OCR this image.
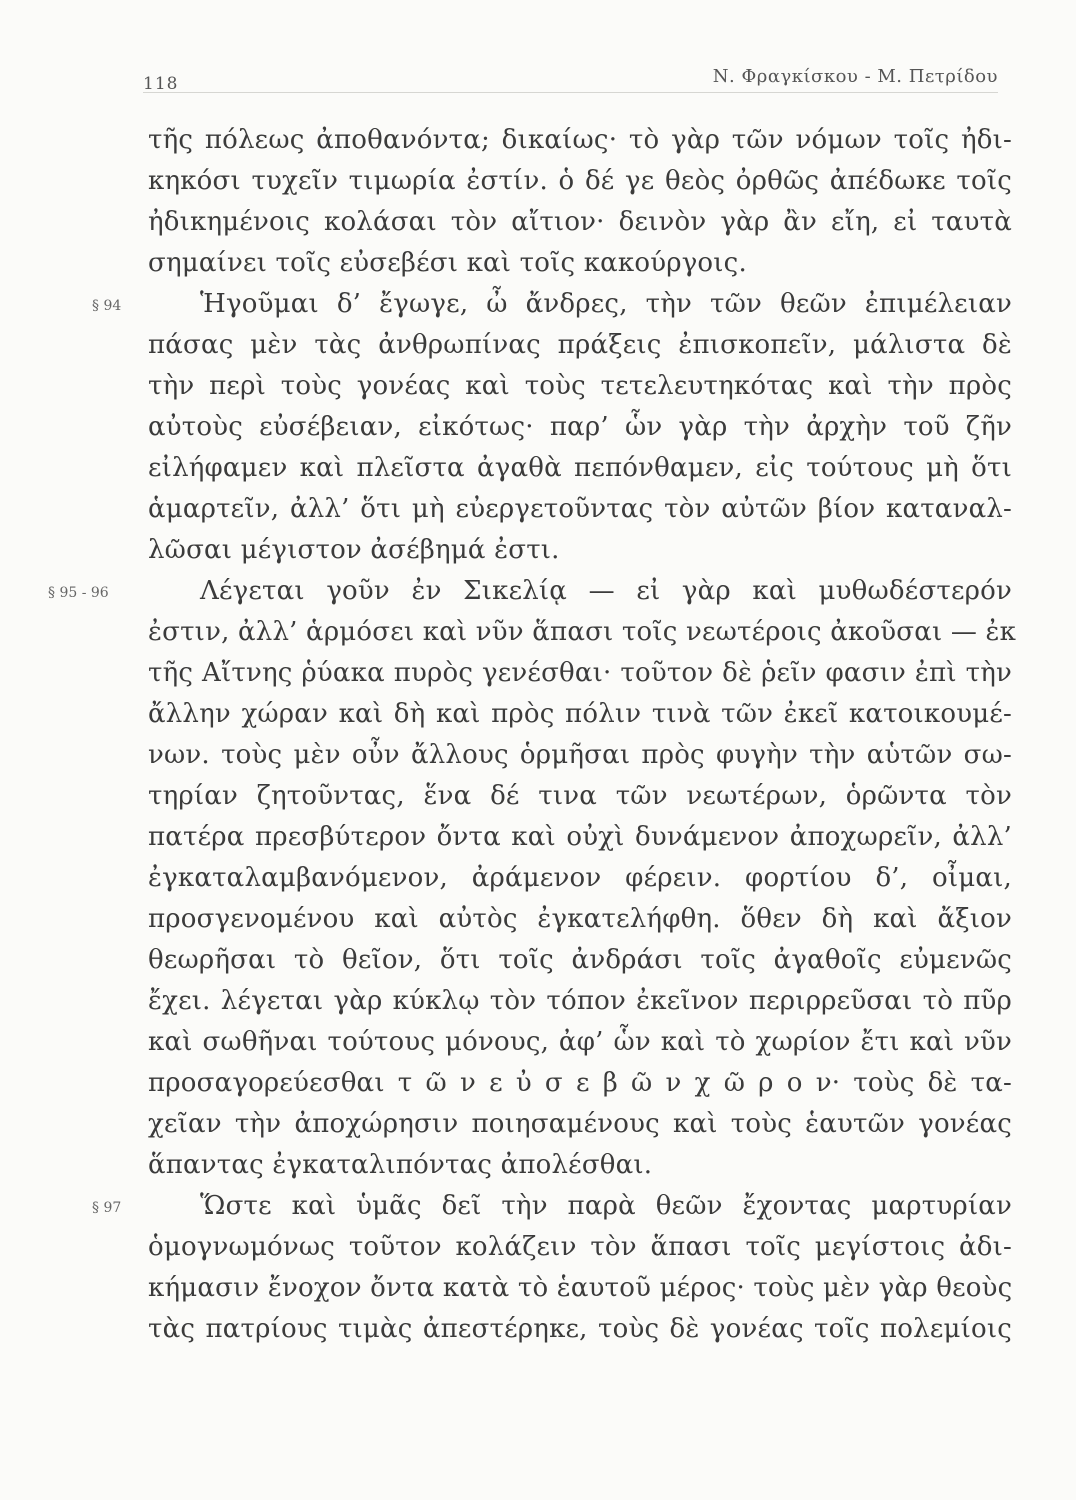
118	Ν. Φραγκίσκου - Μ. Πετρίδου
τῆς πόλεως ἀποθανόντα; δικαίως· τὸ γὰρ τῶν νόμων τοῖς ἠδι-
κηκόσι τυχεῖν τιμωρία ἐστίν. ὁ δέ γε θεὸς ὀρθῶς ἀπέδωκε τοῖς
ἠδικημένοις κολάσαι τὸν αἴτιον· δεινὸν γὰρ ἂν εἴη, εἰ ταυτὰ
σημαίνει τοῖς εὐσεβέσι καὶ τοῖς κακούργοις.
§ 94	Ἡγοῦμαι δ’ ἔγωγε, ὦ ἄνδρες, τὴν τῶν θεῶν ἐπιμέλειαν
πάσας μὲν τὰς ἀνθρωπίνας πράξεις ἐπισκοπεῖν, μάλιστα δὲ
τὴν περὶ τοὺς γονέας καὶ τοὺς τετελευτηκότας καὶ τὴν πρὸς
αὐτοὺς εὐσέβειαν, εἰκότως· παρ’ ὧν γὰρ τὴν ἀρχὴν τοῦ ζῆν
εἰλήφαμεν καὶ πλεῖστα ἀγαθὰ πεπόνθαμεν, εἰς τούτους μὴ ὅτι
ἁμαρτεῖν, ἀλλ’ ὅτι μὴ εὐεργετοῦντας τὸν αὐτῶν βίον καταναλ-
λῶσαι μέγιστον ἀσέβημά ἐστι.
§ 95 - 96	Λέγεται γοῦν ἐν Σικελίᾳ — εἰ γὰρ καὶ μυθωδέστερόν
ἐστιν, ἀλλ’ ἁρμόσει καὶ νῦν ἅπασι τοῖς νεωτέροις ἀκοῦσαι — ἐκ
τῆς Αἴτνης ῥύακα πυρὸς γενέσθαι· τοῦτον δὲ ῥεῖν φασιν ἐπὶ τὴν
ἄλλην χώραν καὶ δὴ καὶ πρὸς πόλιν τινὰ τῶν ἐκεῖ κατοικουμέ-
νων. τοὺς μὲν οὖν ἄλλους ὁρμῆσαι πρὸς φυγὴν τὴν αὑτῶν σω-
τηρίαν ζητοῦντας, ἕνα δέ τινα τῶν νεωτέρων, ὁρῶντα τὸν
πατέρα πρεσβύτερον ὄντα καὶ οὐχὶ δυνάμενον ἀποχωρεῖν, ἀλλ’
ἐγκαταλαμβανόμενον, ἀράμενον φέρειν. φορτίου δ’, οἶμαι,
προσγενομένου καὶ αὐτὸς ἐγκατελήφθη. ὅθεν δὴ καὶ ἄξιον
θεωρῆσαι τὸ θεῖον, ὅτι τοῖς ἀνδράσι τοῖς ἀγαθοῖς εὐμενῶς
ἔχει. λέγεται γὰρ κύκλῳ τὸν τόπον ἐκεῖνον περιρρεῦσαι τὸ πῦρ
καὶ σωθῆναι τούτους μόνους, ἀφ’ ὧν καὶ τὸ χωρίον ἔτι καὶ νῦν
προσαγορεύεσθαι τ ῶ ν ε ὐ σ ε β ῶ ν χ ῶ ρ ο ν· τοὺς δὲ τα-
χεῖαν τὴν ἀποχώρησιν ποιησαμένους καὶ τοὺς ἑαυτῶν γονέας
ἅπαντας ἐγκαταλιπόντας ἀπολέσθαι.
§ 97	Ὥστε καὶ ὑμᾶς δεῖ τὴν παρὰ θεῶν ἔχοντας μαρτυρίαν
ὁμογνωμόνως τοῦτον κολάζειν τὸν ἅπασι τοῖς μεγίστοις ἀδι-
κήμασιν ἔνοχον ὄντα κατὰ τὸ ἑαυτοῦ μέρος· τοὺς μὲν γὰρ θεοὺς
τὰς πατρίους τιμὰς ἀπεστέρηκε, τοὺς δὲ γονέας τοῖς πολεμίοις
